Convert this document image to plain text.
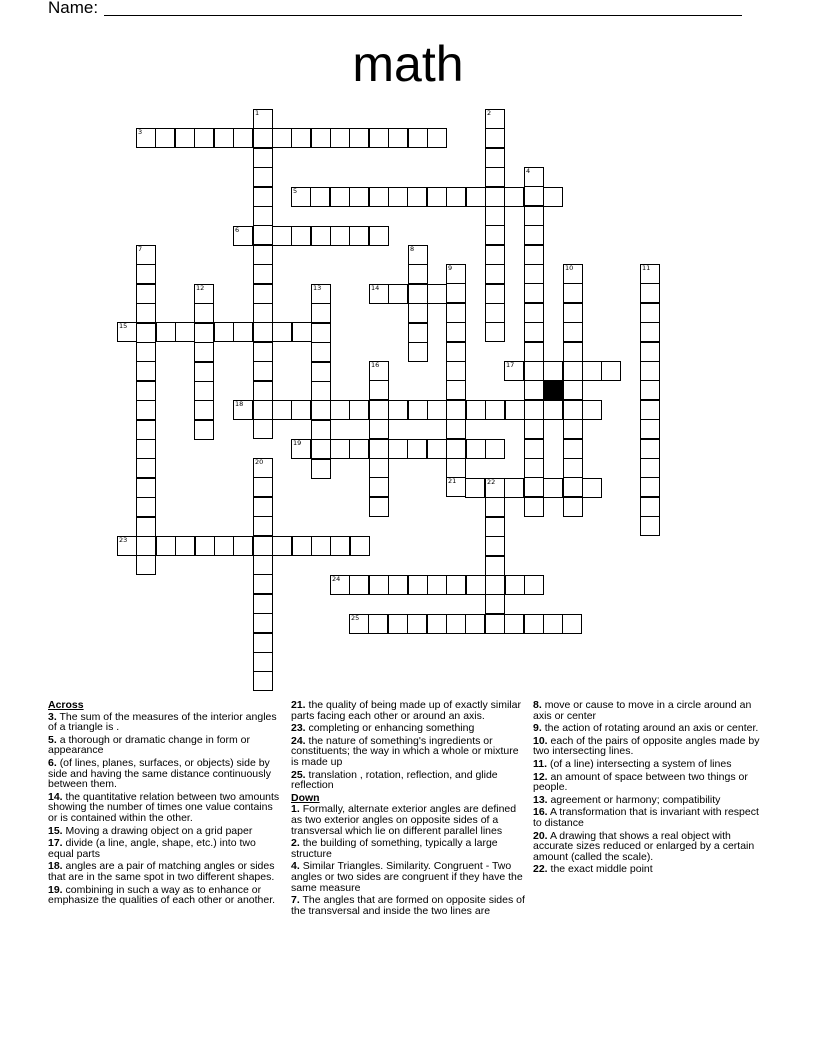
Name:
math
1	2
3
4
5
6
7	8
9
21
10	11
12	13	14
15
16	17
18
19
20
22
23
24
25
Across
3. The sum of the measures of the interior angles of a triangle is .
5. a thorough or dramatic change in form or appearance
6. (of lines, planes, surfaces, or objects) side by side and having the same distance continuously between them.
14. the quantitative relation between two amounts showing the number of times one value contains or is contained within the other.
15. Moving a drawing object on a grid paper
17. divide (a line, angle, shape, etc.) into two equal parts
18. angles are a pair of matching angles or sides that are in the same spot in two different shapes.
19. combining in such a way as to enhance or emphasize the qualities of each other or another.
21. the quality of being made up of exactly similar parts facing each other or around an axis.
23. completing or enhancing something
24. the nature of something's ingredients or constituents; the way in which a whole or mixture is made up
25. translation , rotation, reflection, and glide reflection
Down
1. Formally, alternate exterior angles are defined as two exterior angles on opposite sides of a transversal which lie on different parallel lines
2. the building of something, typically a large structure
4. Similar Triangles. Similarity. Congruent - Two angles or two sides are congruent if they have the same measure
7. The angles that are formed on opposite sides of the transversal and inside the two lines are
8. move or cause to move in a circle around an axis or center
9. the action of rotating around an axis or center.
10. each of the pairs of opposite angles made by two intersecting lines.
11. (of a line) intersecting a system of lines
12. an amount of space between two things or people.
13. agreement or harmony; compatibility
16. A transformation that is invariant with respect to distance
20. A drawing that shows a real object with accurate sizes reduced or enlarged by a certain amount (called the scale).
22. the exact middle point
